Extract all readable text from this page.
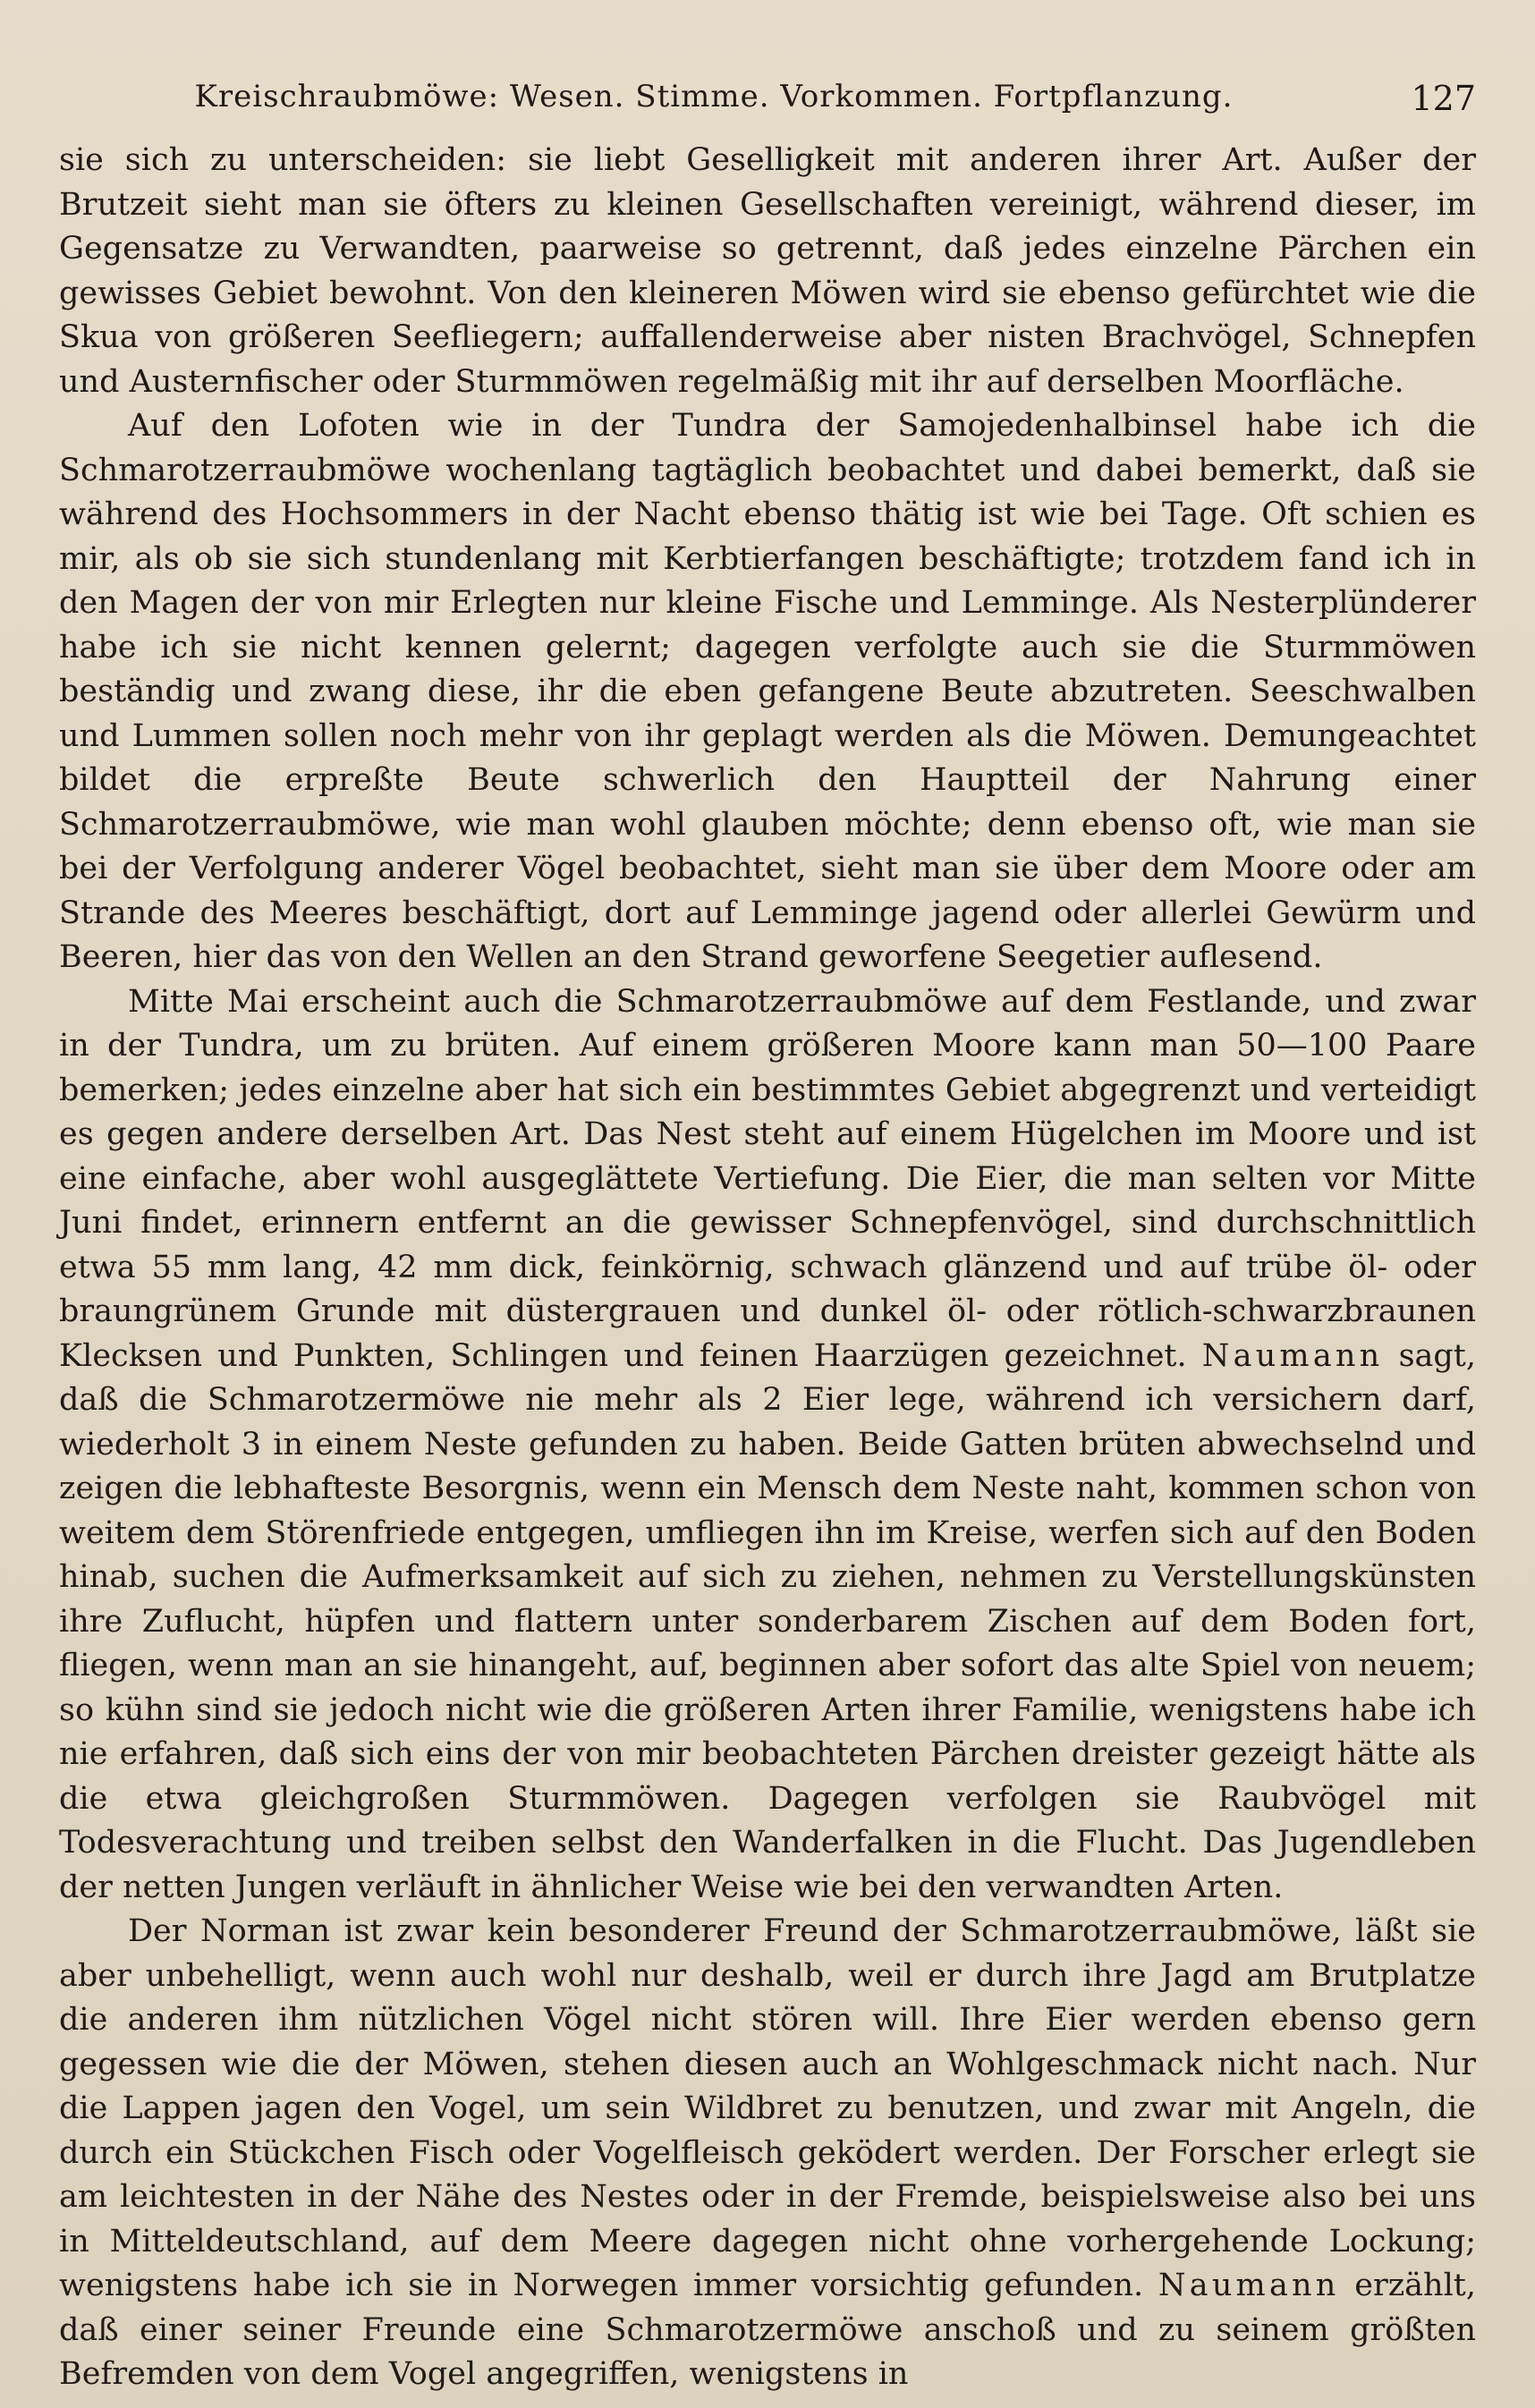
Kreischraubmöwe: Wesen. Stimme. Vorkommen. Fortpflanzung.	127

sie sich zu unterscheiden: sie liebt Geselligkeit mit anderen ihrer Art. Außer der Brutzeit sieht man sie öfters zu kleinen Gesellschaften vereinigt, während dieser, im Gegensatze zu Verwandten, paarweise so getrennt, daß jedes einzelne Pärchen ein gewisses Gebiet bewohnt. Von den kleineren Möwen wird sie ebenso gefürchtet wie die Skua von größeren Seefliegern; auffallenderweise aber nisten Brachvögel, Schnepfen und Austernfischer oder Sturmmöwen regelmäßig mit ihr auf derselben Moorfläche.

Auf den Lofoten wie in der Tundra der Samojedenhalbinsel habe ich die Schmarotzerraubmöwe wochenlang tagtäglich beobachtet und dabei bemerkt, daß sie während des Hochsommers in der Nacht ebenso thätig ist wie bei Tage. Oft schien es mir, als ob sie sich stundenlang mit Kerbtierfangen beschäftigte; trotzdem fand ich in den Magen der von mir Erlegten nur kleine Fische und Lemminge. Als Nesterplünderer habe ich sie nicht kennen gelernt; dagegen verfolgte auch sie die Sturmmöwen beständig und zwang diese, ihr die eben gefangene Beute abzutreten. Seeschwalben und Lummen sollen noch mehr von ihr geplagt werden als die Möwen. Demungeachtet bildet die erpreßte Beute schwerlich den Hauptteil der Nahrung einer Schmarotzerraubmöwe, wie man wohl glauben möchte; denn ebenso oft, wie man sie bei der Verfolgung anderer Vögel beobachtet, sieht man sie über dem Moore oder am Strande des Meeres beschäftigt, dort auf Lemminge jagend oder allerlei Gewürm und Beeren, hier das von den Wellen an den Strand geworfene Seegetier auflesend.

Mitte Mai erscheint auch die Schmarotzerraubmöwe auf dem Festlande, und zwar in der Tundra, um zu brüten. Auf einem größeren Moore kann man 50—100 Paare bemerken; jedes einzelne aber hat sich ein bestimmtes Gebiet abgegrenzt und verteidigt es gegen andere derselben Art. Das Nest steht auf einem Hügelchen im Moore und ist eine einfache, aber wohl ausgeglättete Vertiefung. Die Eier, die man selten vor Mitte Juni findet, erinnern entfernt an die gewisser Schnepfenvögel, sind durchschnittlich etwa 55 mm lang, 42 mm dick, feinkörnig, schwach glänzend und auf trübe öl- oder braungrünem Grunde mit düstergrauen und dunkel öl- oder rötlich-schwarzbraunen Klecksen und Punkten, Schlingen und feinen Haarzügen gezeichnet. Naumann sagt, daß die Schmarotzermöwe nie mehr als 2 Eier lege, während ich versichern darf, wiederholt 3 in einem Neste gefunden zu haben. Beide Gatten brüten abwechselnd und zeigen die lebhafteste Besorgnis, wenn ein Mensch dem Neste naht, kommen schon von weitem dem Störenfriede entgegen, umfliegen ihn im Kreise, werfen sich auf den Boden hinab, suchen die Aufmerksamkeit auf sich zu ziehen, nehmen zu Verstellungskünsten ihre Zuflucht, hüpfen und flattern unter sonderbarem Zischen auf dem Boden fort, fliegen, wenn man an sie hinangeht, auf, beginnen aber sofort das alte Spiel von neuem; so kühn sind sie jedoch nicht wie die größeren Arten ihrer Familie, wenigstens habe ich nie erfahren, daß sich eins der von mir beobachteten Pärchen dreister gezeigt hätte als die etwa gleichgroßen Sturmmöwen. Dagegen verfolgen sie Raubvögel mit Todesverachtung und treiben selbst den Wanderfalken in die Flucht. Das Jugendleben der netten Jungen verläuft in ähnlicher Weise wie bei den verwandten Arten.

Der Norman ist zwar kein besonderer Freund der Schmarotzerraubmöwe, läßt sie aber unbehelligt, wenn auch wohl nur deshalb, weil er durch ihre Jagd am Brutplatze die anderen ihm nützlichen Vögel nicht stören will. Ihre Eier werden ebenso gern gegessen wie die der Möwen, stehen diesen auch an Wohlgeschmack nicht nach. Nur die Lappen jagen den Vogel, um sein Wildbret zu benutzen, und zwar mit Angeln, die durch ein Stückchen Fisch oder Vogelfleisch geködert werden. Der Forscher erlegt sie am leichtesten in der Nähe des Nestes oder in der Fremde, beispielsweise also bei uns in Mitteldeutschland, auf dem Meere dagegen nicht ohne vorhergehende Lockung; wenigstens habe ich sie in Norwegen immer vorsichtig gefunden. Naumann erzählt, daß einer seiner Freunde eine Schmarotzermöwe anschoß und zu seinem größten Befremden von dem Vogel angegriffen, wenigstens in
